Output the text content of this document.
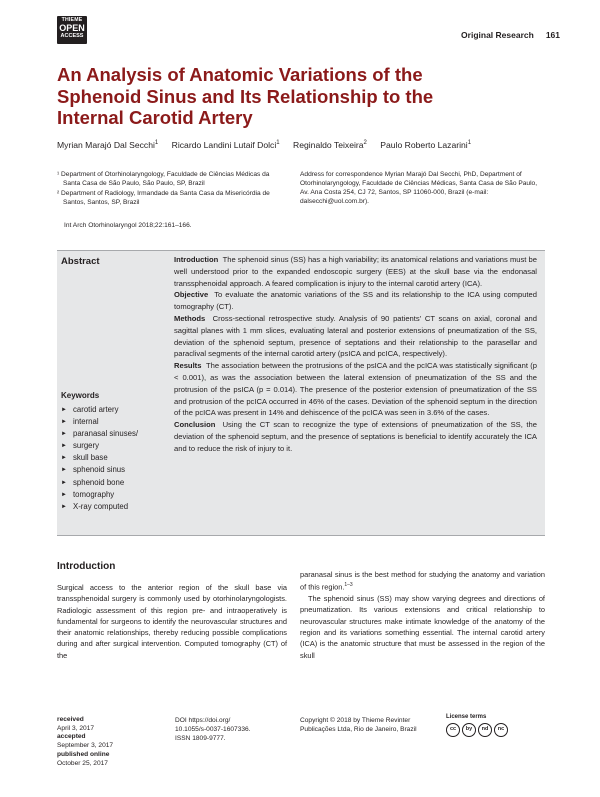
THIEME
OPEN
ACCESS	Original Research 161
An Analysis of Anatomic Variations of the Sphenoid Sinus and Its Relationship to the Internal Carotid Artery
Myrian Marajó Dal Secchi$^1$ Ricardo Landini Lutaif Dolci$^1$ Reginaldo Teixeira$^2$ Paulo Roberto Lazarini$^1$
¹ Department of Otorhinolaryngology, Faculdade de Ciências Médicas da Santa Casa de São Paulo, São Paulo, SP, Brazil
² Department of Radiology, Irmandade da Santa Casa da Misericórdia de Santos, Santos, SP, Brazil
Address for correspondence Myrian Marajó Dal Secchi, PhD, Department of Otorhinolaryngology, Faculdade de Ciências Médicas, Santa Casa de São Paulo, Av. Ana Costa 254, CJ 72, Santos, SP 11060-000, Brazil (e-mail: dalsecchi@uol.com.br).
Int Arch Otorhinolaryngol 2018;22:161–166.
Abstract	Introduction The sphenoid sinus (SS) has a high variability; its anatomical relations and variations must be well understood prior to the expanded endoscopic surgery (EES) at the skull base via the endonasal transsphenoidal approach. A feared complication is injury to the internal carotid artery (ICA).

Objective To evaluate the anatomic variations of the SS and its relationship to the ICA using computed tomography (CT).

Methods Cross-sectional retrospective study. Analysis of 90 patients' CT scans on axial, coronal and sagittal planes with 1 mm slices, evaluating lateral and posterior extensions of pneumatization of the SS, deviation of the sphenoid septum, presence of septations and their relationship to the parasellar and paraclival segments of the internal carotid artery (psICA and pcICA, respectively).

Results The association between the protrusions of the psICA and the pcICA was statistically significant (p < 0.001), as was the association between the lateral extension of pneumatization of the SS and the protrusion of the psICA (p = 0.014). The presence of the posterior extension of pneumatization of the SS and protrusion of the pcICA occurred in 46% of the cases. Deviation of the sphenoid septum in the direction of the pcICA was present in 14% and dehiscence of the pcICA was seen in 3.6% of the cases.

Conclusion Using the CT scan to recognize the type of extensions of pneumatization of the SS, the deviation of the sphenoid septum, and the presence of septations is beneficial to identify accurately the ICA and to reduce the risk of injury to it.

Keywords
► carotid artery
► internal
► paranasal sinuses/
► surgery
► skull base
► sphenoid sinus
► sphenoid bone
► tomography
► X-ray computed
Introduction
Surgical access to the anterior region of the skull base via transsphenoidal surgery is commonly used by otorhinolaryngologists. Radiologic assessment of this region pre- and intraoperatively is fundamental for surgeons to identify the neurovascular structures and their anatomic relationships, thereby reducing possible complications during and after surgical intervention. Computed tomography (CT) of the

paranasal sinus is the best method for studying the anatomy and variation of this region.$^{1-3}$

The sphenoid sinus (SS) may show varying degrees and directions of pneumatization. Its various extensions and critical relationship to neurovascular structures make intimate knowledge of the anatomy of the region and its variations something essential. The internal carotid artery (ICA) is the anatomic structure that must be assessed in the region of the skull

received
April 3, 2017
accepted
September 3, 2017
published online
October 25, 2017
DOI https://doi.org/
10.1055/s-0037-1607336.
ISSN 1809-9777.
Copyright © 2018 by Thieme Revinter
Publicações Ltda, Rio de Janeiro, Brazil
License terms
cc	by	nd	nc
